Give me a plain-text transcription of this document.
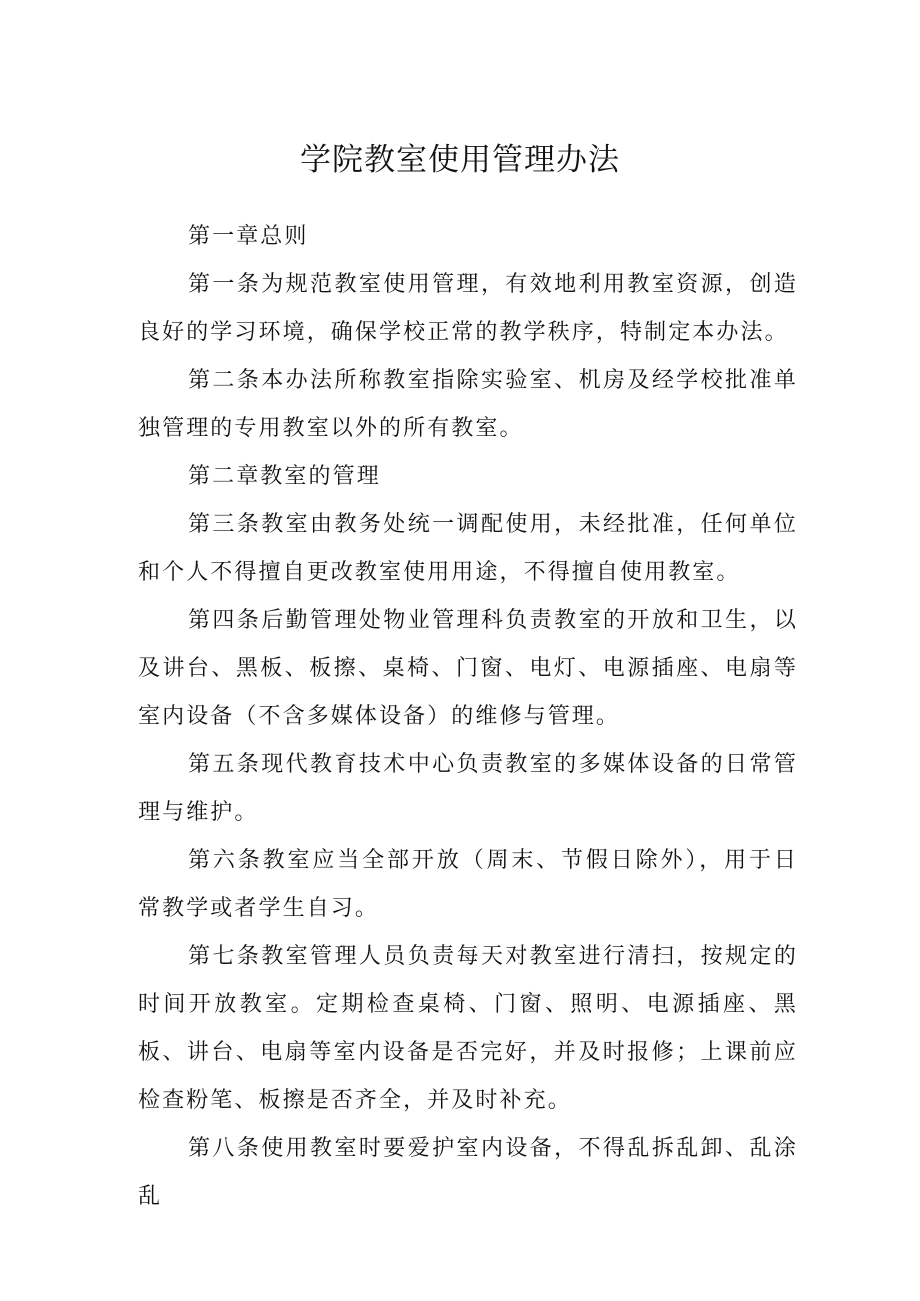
学院教室使用管理办法

第一章总则

第一条为规范教室使用管理，有效地利用教室资源，创造良好的学习环境，确保学校正常的教学秩序，特制定本办法。

第二条本办法所称教室指除实验室、机房及经学校批准单独管理的专用教室以外的所有教室。

第二章教室的管理

第三条教室由教务处统一调配使用，未经批准，任何单位和个人不得擅自更改教室使用用途，不得擅自使用教室。

第四条后勤管理处物业管理科负责教室的开放和卫生，以及讲台、黑板、板擦、桌椅、门窗、电灯、电源插座、电扇等室内设备（不含多媒体设备）的维修与管理。

第五条现代教育技术中心负责教室的多媒体设备的日常管理与维护。

第六条教室应当全部开放（周末、节假日除外），用于日常教学或者学生自习。

第七条教室管理人员负责每天对教室进行清扫，按规定的时间开放教室。定期检查桌椅、门窗、照明、电源插座、黑板、讲台、电扇等室内设备是否完好，并及时报修；上课前应检查粉笔、板擦是否齐全，并及时补充。

第八条使用教室时要爱护室内设备，不得乱拆乱卸、乱涂乱
